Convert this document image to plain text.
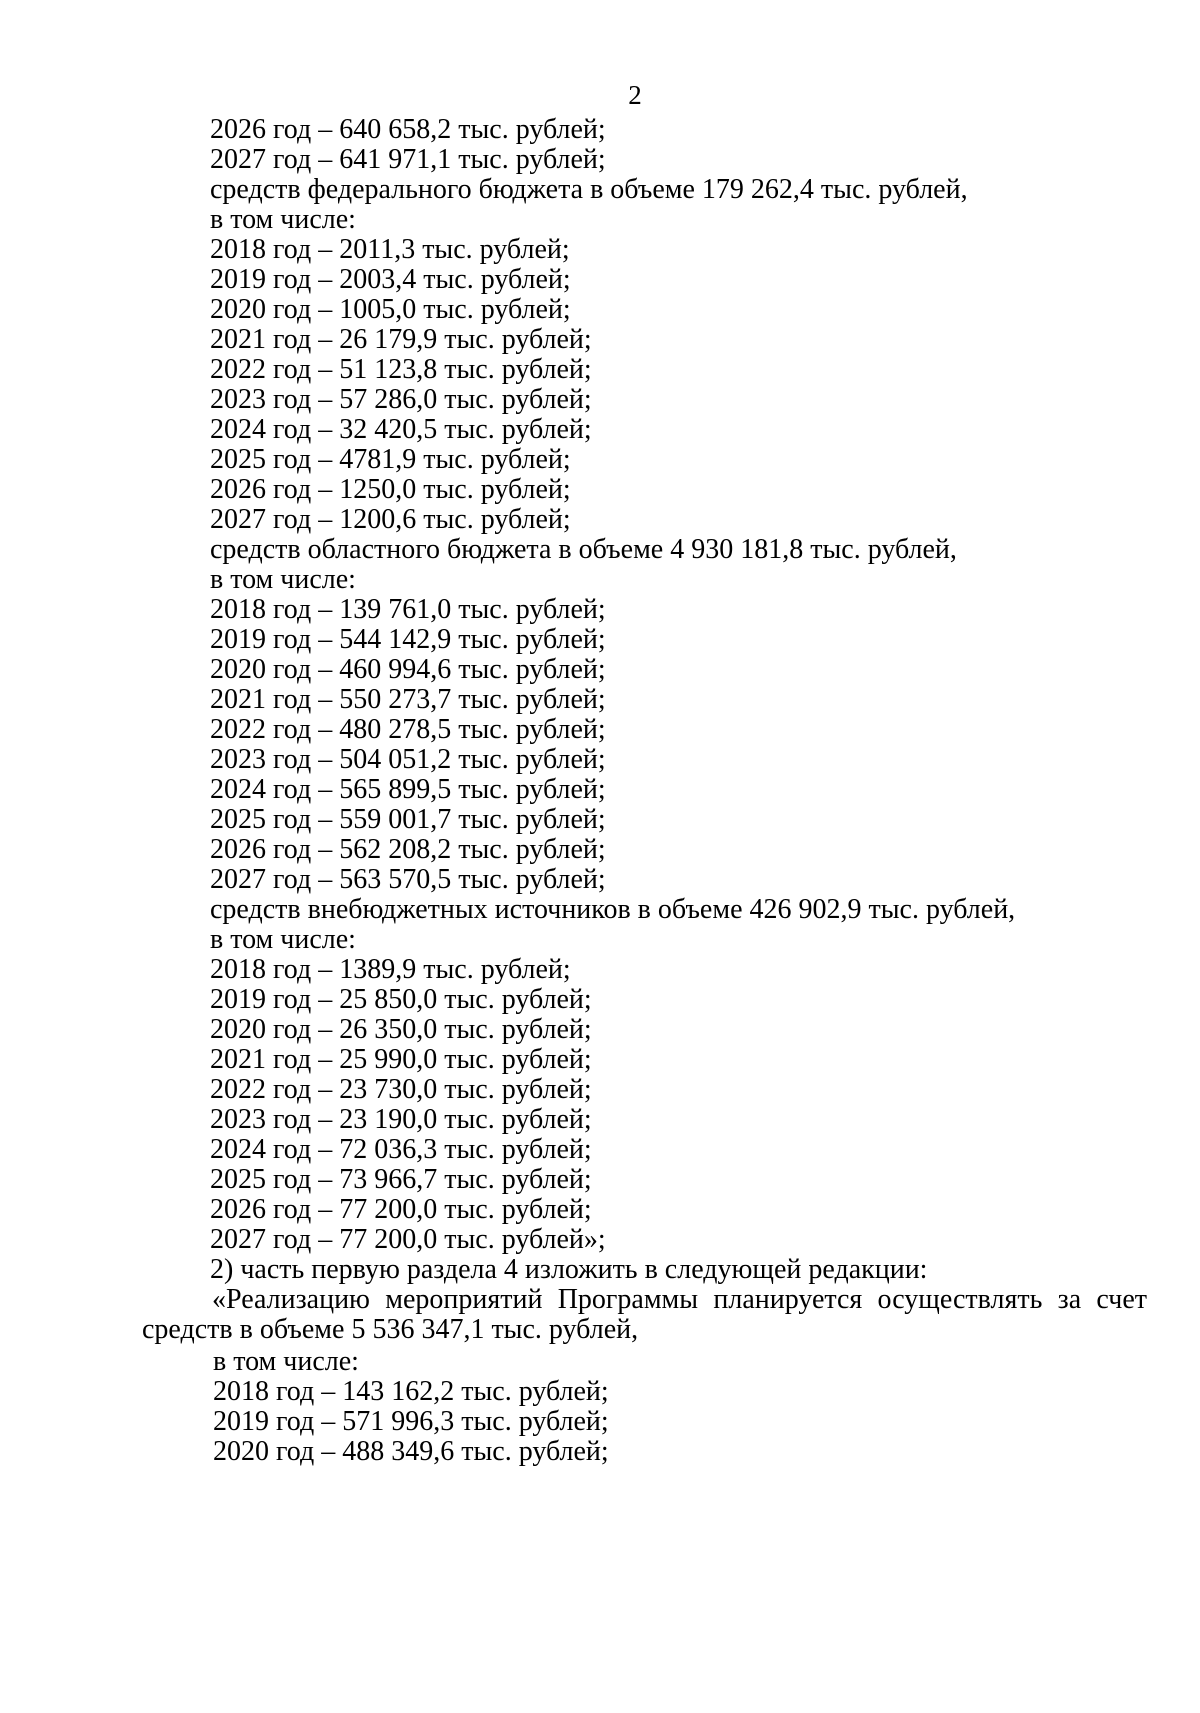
2
2026 год – 640 658,2 тыс. рублей;
2027 год – 641 971,1 тыс. рублей;
средств федерального бюджета в объеме 179 262,4 тыс. рублей,
в том числе:
2018 год – 2011,3 тыс. рублей;
2019 год – 2003,4 тыс. рублей;
2020 год – 1005,0 тыс. рублей;
2021 год – 26 179,9 тыс. рублей;
2022 год – 51 123,8 тыс. рублей;
2023 год – 57 286,0 тыс. рублей;
2024 год – 32 420,5 тыс. рублей;
2025 год – 4781,9 тыс. рублей;
2026 год – 1250,0 тыс. рублей;
2027 год – 1200,6 тыс. рублей;
средств областного бюджета в объеме 4 930 181,8 тыс. рублей,
в том числе:
2018 год – 139 761,0 тыс. рублей;
2019 год – 544 142,9 тыс. рублей;
2020 год – 460 994,6 тыс. рублей;
2021 год – 550 273,7 тыс. рублей;
2022 год – 480 278,5 тыс. рублей;
2023 год – 504 051,2 тыс. рублей;
2024 год – 565 899,5 тыс. рублей;
2025 год – 559 001,7 тыс. рублей;
2026 год – 562 208,2 тыс. рублей;
2027 год – 563 570,5 тыс. рублей;
средств внебюджетных источников в объеме 426 902,9 тыс. рублей,
в том числе:
2018 год – 1389,9 тыс. рублей;
2019 год – 25 850,0 тыс. рублей;
2020 год – 26 350,0 тыс. рублей;
2021 год – 25 990,0 тыс. рублей;
2022 год – 23 730,0 тыс. рублей;
2023 год – 23 190,0 тыс. рублей;
2024 год – 72 036,3 тыс. рублей;
2025 год – 73 966,7 тыс. рублей;
2026 год – 77 200,0 тыс. рублей;
2027 год – 77 200,0 тыс. рублей»;
2) часть первую раздела 4 изложить в следующей редакции:
«Реализацию мероприятий Программы планируется осуществлять за счет
средств в объеме 5 536 347,1 тыс. рублей,
в том числе:
2018 год – 143 162,2 тыс. рублей;
2019 год – 571 996,3 тыс. рублей;
2020 год – 488 349,6 тыс. рублей;
